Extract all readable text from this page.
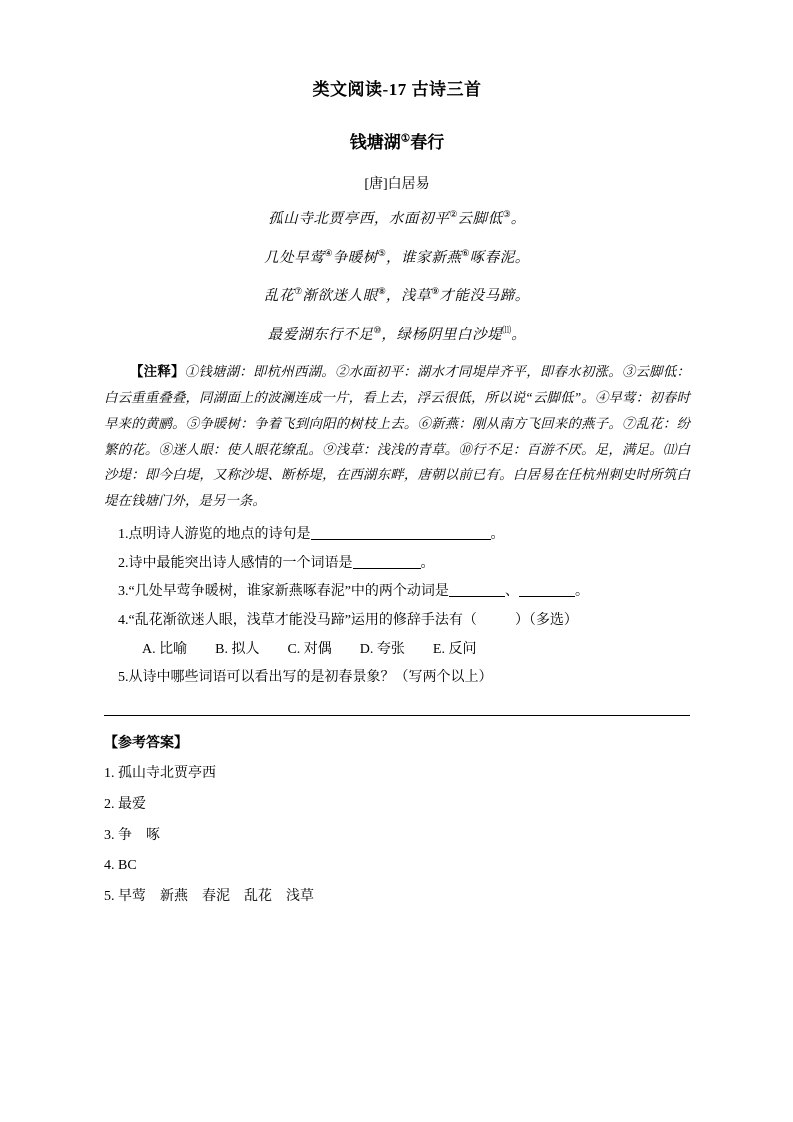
类文阅读-17 古诗三首
钱塘湖①春行
[唐]白居易

孤山寺北贾亭西，水面初平②云脚低③。

几处早莺④争暖树⑤，谁家新燕⑥啄春泥。

乱花⑦渐欲迷人眼⑧，浅草⑨才能没马蹄。

最爱湖东行不足⑩，绿杨阴里白沙堤⑾。

【注释】①钱塘湖：即杭州西湖。②水面初平：湖水才同堤岸齐平，即春水初涨。③云脚低：白云重重叠叠，同湖面上的波澜连成一片，看上去，浮云很低，所以说“云脚低”。④早莺：初春时早来的黄鹂。⑤争暖树：争着飞到向阳的树枝上去。⑥新燕：刚从南方飞回来的燕子。⑦乱花：纷繁的花。⑧迷人眼：使人眼花缭乱。⑨浅草：浅浅的青草。⑩行不足：百游不厌。足，满足。⑾白沙堤：即今白堤，又称沙堤、断桥堤，在西湖东畔，唐朝以前已有。白居易在任杭州刺史时所筑白堤在钱塘门外，是另一条。

1.点明诗人游览的地点的诗句是	。

2.诗中最能突出诗人感情的一个词语是	。

3.“几处早莺争暖树，谁家新燕啄春泥”中的两个动词是	、	。

4.“乱花渐欲迷人眼，浅草才能没马蹄”运用的修辞手法有（	）（多选）

A. 比喻　　B. 拟人　　C. 对偶　　D. 夸张　　E. 反问

5.从诗中哪些词语可以看出写的是初春景象？（写两个以上）

【参考答案】

1. 孤山寺北贾亭西

2. 最爱

3. 争　啄

4. BC

5. 早莺　新燕　春泥　乱花　浅草
